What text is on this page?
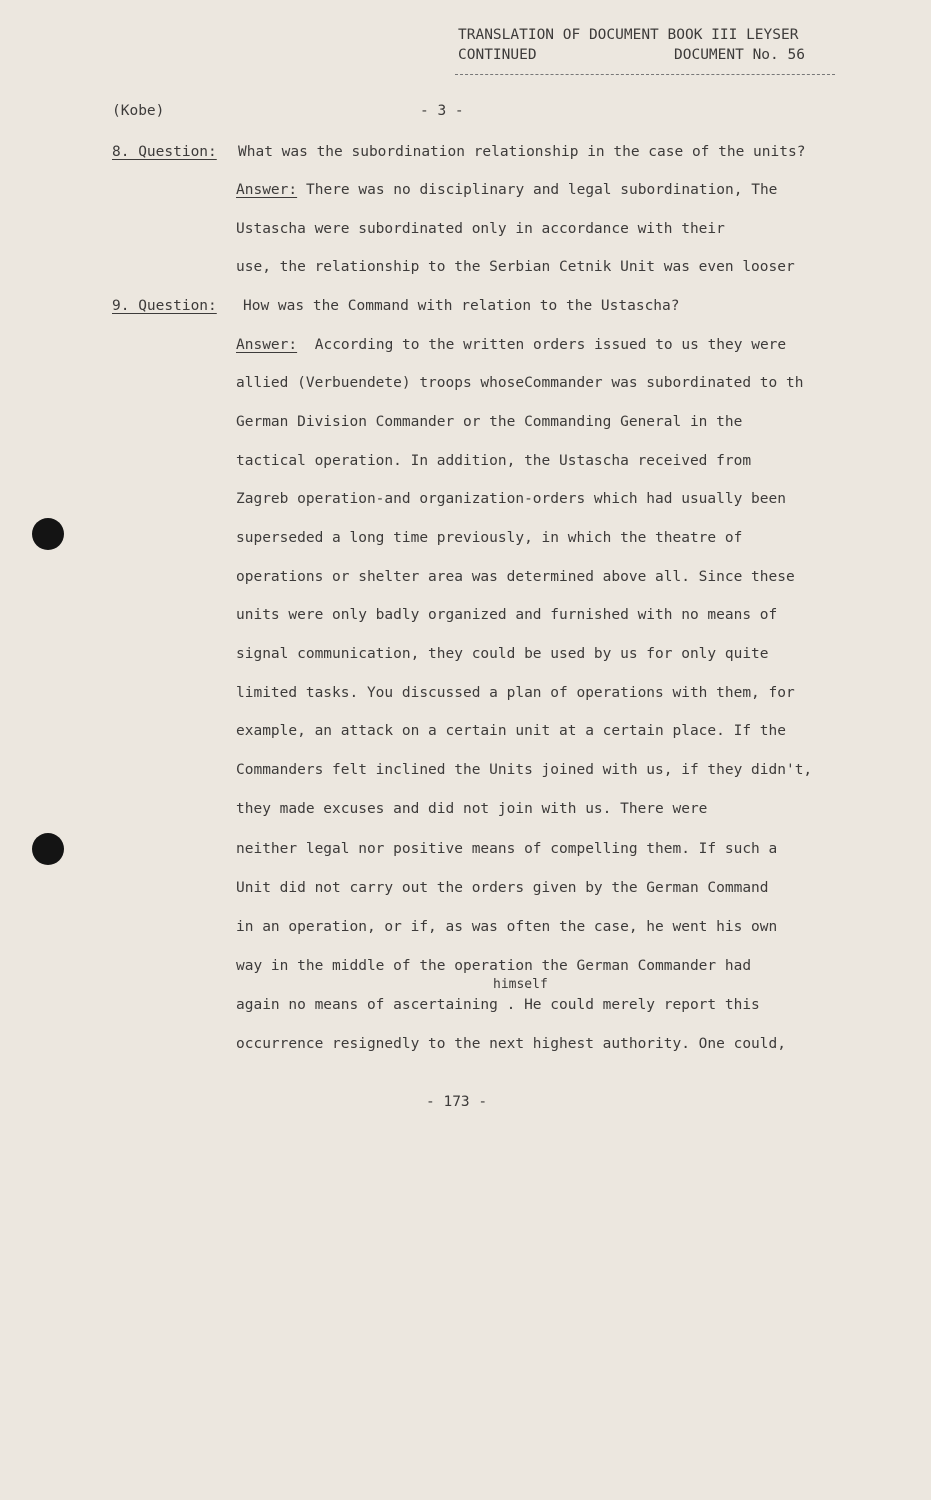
TRANSLATION OF DOCUMENT BOOK III LEYSER
CONTINUED	DOCUMENT No. 56
(Kobe)	- 3 -
8. Question: What was the subordination relationship in the case of the units?
Answer: There was no disciplinary and legal subordination, The
Ustascha were subordinated only in accordance with their
use, the relationship to the Serbian Cetnik Unit was even looser
9. Question: How was the Command with relation to the Ustascha?
Answer: According to the written orders issued to us they were
allied (Verbuendete) troops whoseCommander was subordinated to th
German Division Commander or the Commanding General in the
tactical operation. In addition, the Ustascha received from
Zagreb operation-and organization-orders which had usually been
superseded a long time previously, in which the theatre of
operations or shelter area was determined above all. Since these
units were only badly organized and furnished with no means of
signal communication, they could be used by us for only quite
limited tasks. You discussed a plan of operations with them, for
example, an attack on a certain unit at a certain place. If the
Commanders felt inclined the Units joined with us, if they didn't,
they made excuses and did not join with us. There were
neither legal nor positive means of compelling them. If such a
Unit did not carry out the orders given by the German Command
in an operation, or if, as was often the case, he went his own
way in the middle of the operation the German Commander had
himself
again no means of ascertaining . He could merely report this
occurrence resignedly to the next highest authority. One could,
- 173 -
